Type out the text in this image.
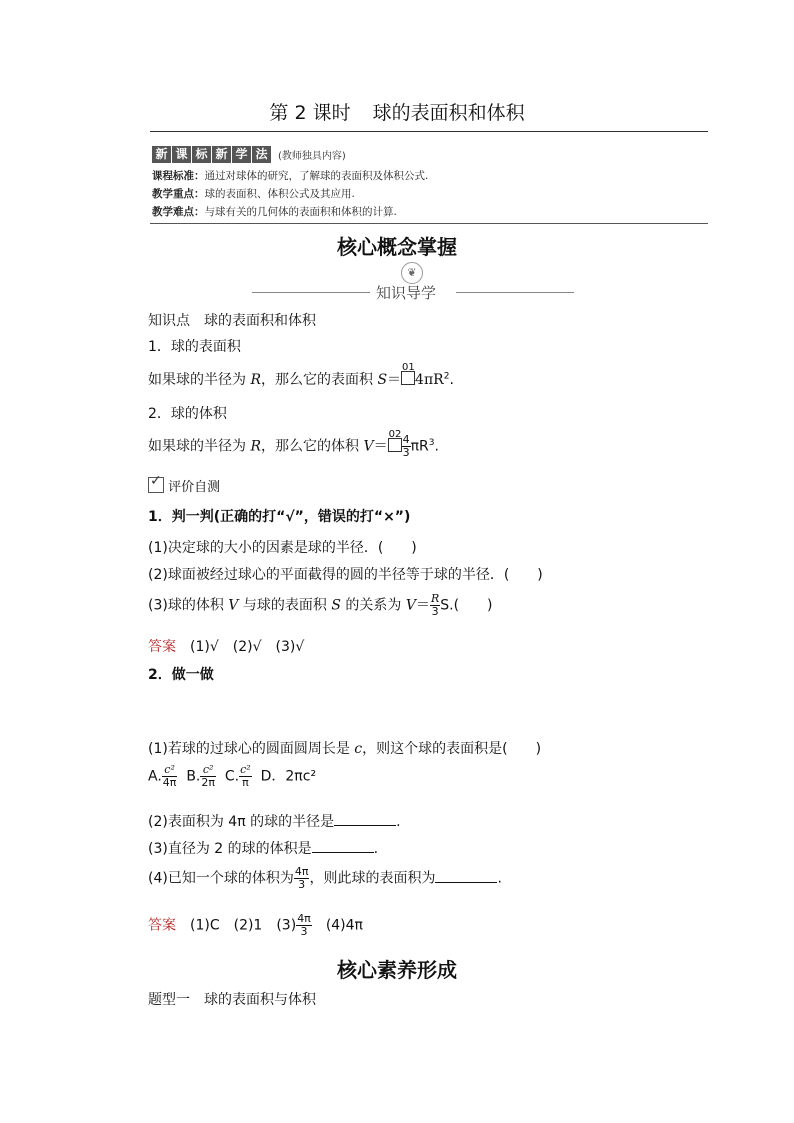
第 2 课时 球的表面积和体积
新 课 标 新 学 法	(教师独具内容)
课程标准：通过对球体的研究，了解球的表面积及体积公式.
教学重点：球的表面积、体积公式及其应用.
教学难点：与球有关的几何体的表面积和体积的计算.
核心概念掌握
❦
知识导学
知识点　球的表面积和体积
1．球的表面积
如果球的半径为 R，那么它的表面积 S＝
01
$4\pi R^2$.
2．球的体积
如果球的半径为 R，那么它的体积 V＝
$02 \frac{4}{3} \pi R^3$.
✓ 评价自测
1．判一判(正确的打“√”，错误的打“×”)
(1)决定球的大小的因素是球的半径．(　　)
(2)球面被经过球心的平面截得的圆的半径等于球的半径．(　　)
(3)球的体积 V 与球的表面积 S 的关系为 $V= \frac{R}{3} S$.(　　)
答案　 (1)√　(2)√　(3)√
2．做一做
(1)若球的过球心的圆面圆周长是 c，则这个球的表面积是(　　)
A. $\frac{\text{c²}}{4\pi} B$. $\frac{\text{c²}}{2\pi} C$. $\frac{\text{c²}}{\pi}$ D．2πc²
(2)表面积为 4π 的球的半径是	.
(3)直径为 2 的球的体积是	.
(4)已知一个球的体积为 $\frac{4\pi}{3}$ ，则此球的表面积为	.
答案　 (1)C　(2)1　$(3) \frac{4\pi}{3}$
　 (4)4π
核心素养形成
题型一　球的表面积与体积
